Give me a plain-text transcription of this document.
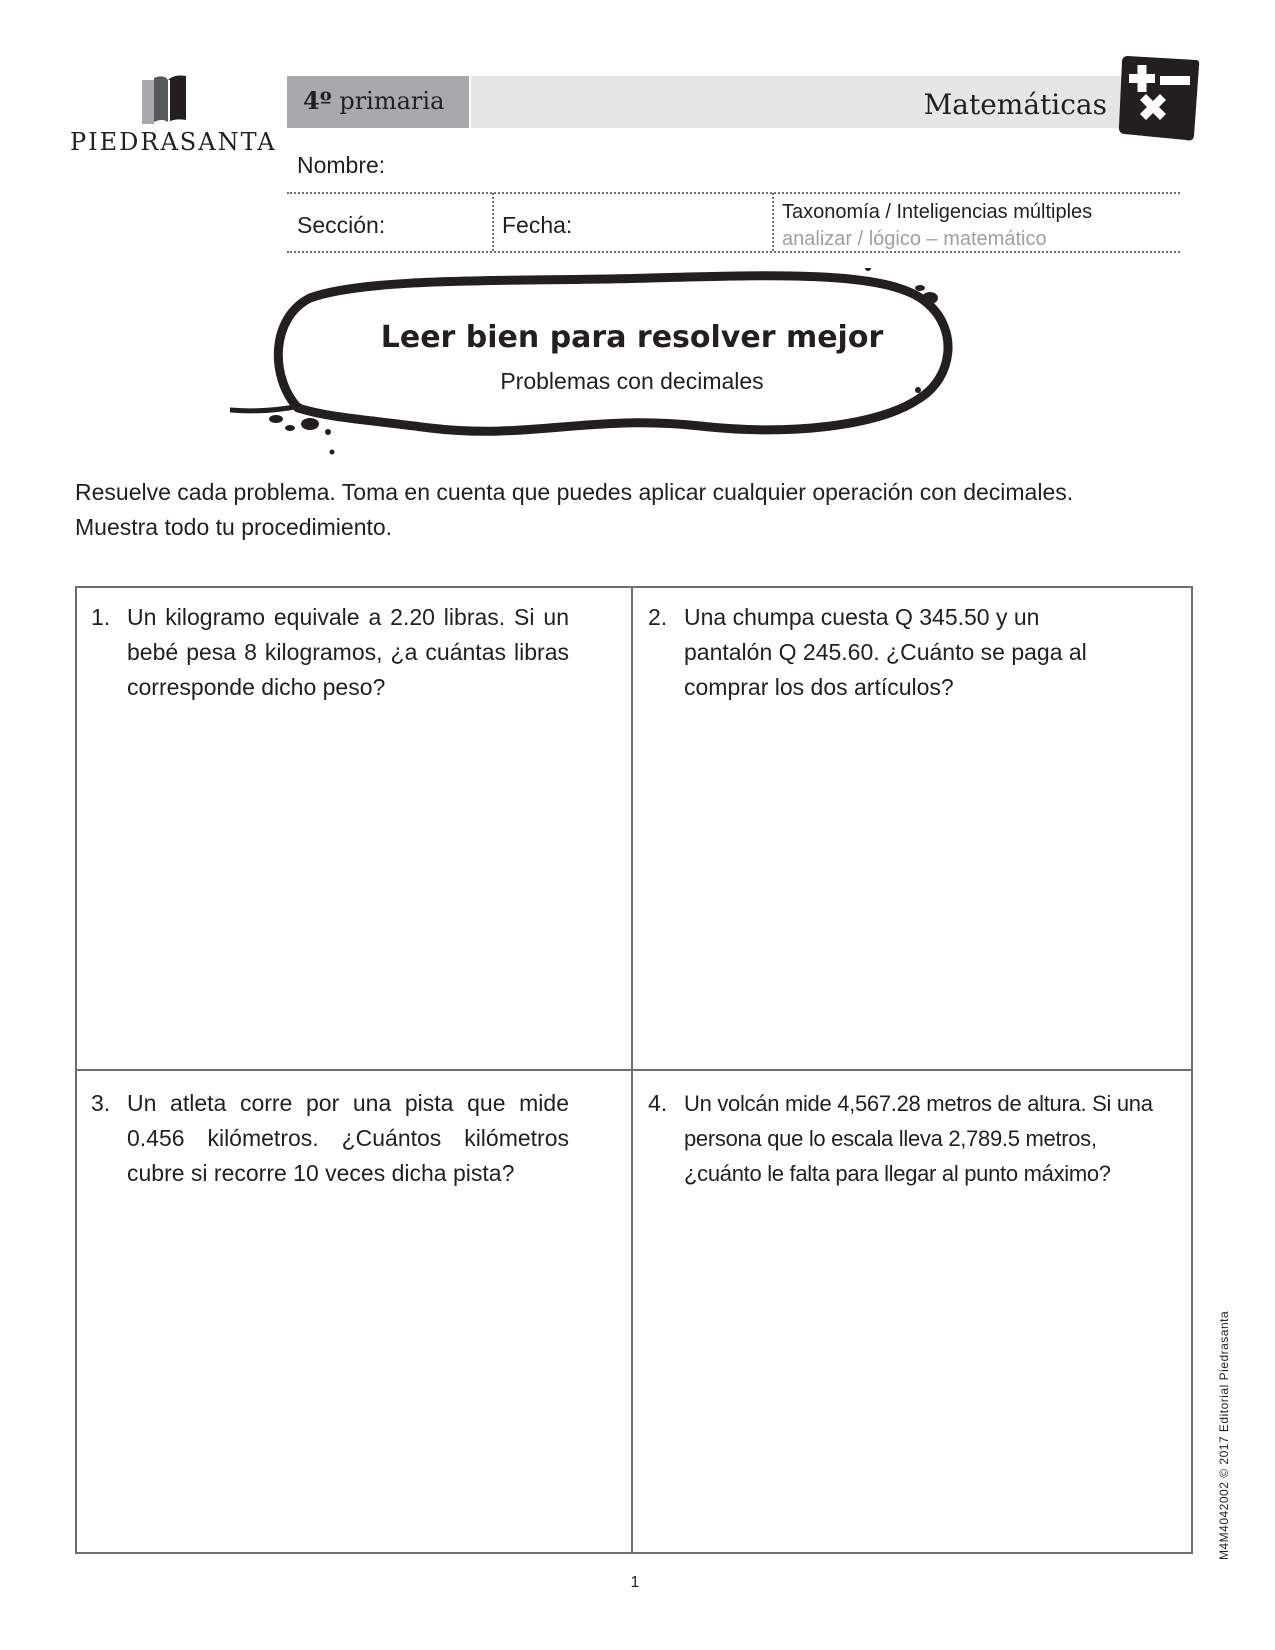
PIEDRASANTA
4º primaria	Matemáticas
Nombre:
Sección:	Fecha:	Taxonomía / Inteligencias múltiples
analizar / lógico – matemático
Leer bien para resolver mejor
Problemas con decimales
Resuelve cada problema. Toma en cuenta que puedes aplicar cualquier operación con decimales.
Muestra todo tu procedimiento.
1. Un kilogramo equivale a 2.20 libras. Si un bebé pesa 8 kilogramos, ¿a cuántas libras corresponde dicho peso?
2. Una chumpa cuesta Q 345.50 y un pantalón Q 245.60. ¿Cuánto se paga al comprar los dos artículos?
3. Un atleta corre por una pista que mide 0.456 kilómetros. ¿Cuántos kilómetros cubre si recorre 10 veces dicha pista?
4. Un volcán mide 4,567.28 metros de altura. Si una persona que lo escala lleva 2,789.5 metros, ¿cuánto le falta para llegar al punto máximo?
M4M4042002 © 2017 Editorial Piedrasanta
1
